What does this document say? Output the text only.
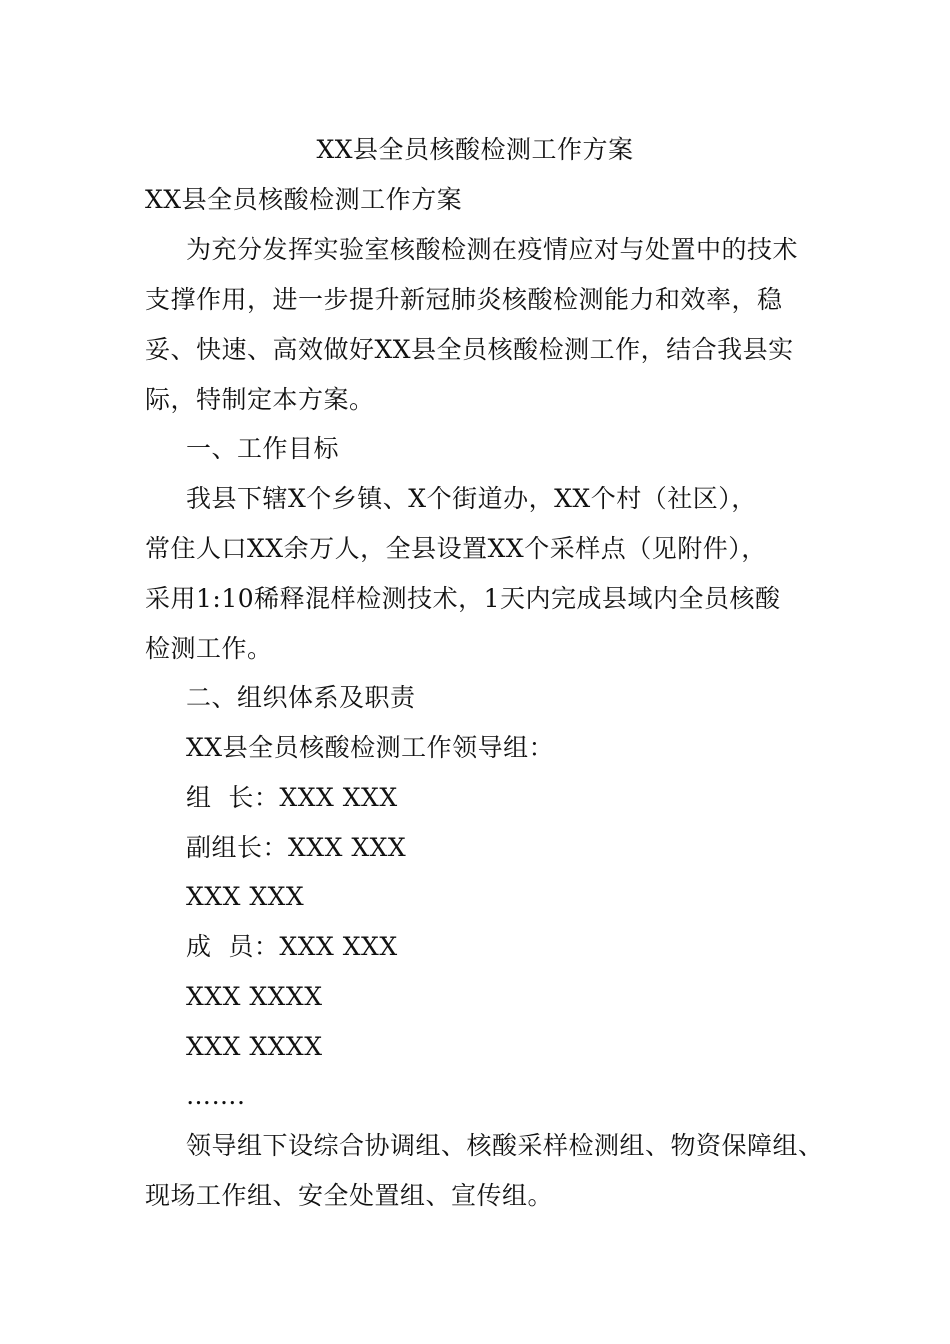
XX县全员核酸检测工作方案
XX县全员核酸检测工作方案
为充分发挥实验室核酸检测在疫情应对与处置中的技术
支撑作用，进一步提升新冠肺炎核酸检测能力和效率，稳
妥、快速、高效做好XX县全员核酸检测工作，结合我县实
际，特制定本方案。
一、工作目标
我县下辖X个乡镇、X个街道办，XX个村（社区），
常住人口XX余万人，全县设置XX个采样点（见附件），
采用1:10稀释混样检测技术，1天内完成县域内全员核酸
检测工作。
二、组织体系及职责
XX县全员核酸检测工作领导组：
组  长：XXX XXX
副组长：XXX XXX
XXX XXX
成  员：XXX XXX
XXX XXXX
XXX XXXX
…….
领导组下设综合协调组、核酸采样检测组、物资保障组、
现场工作组、安全处置组、宣传组。
